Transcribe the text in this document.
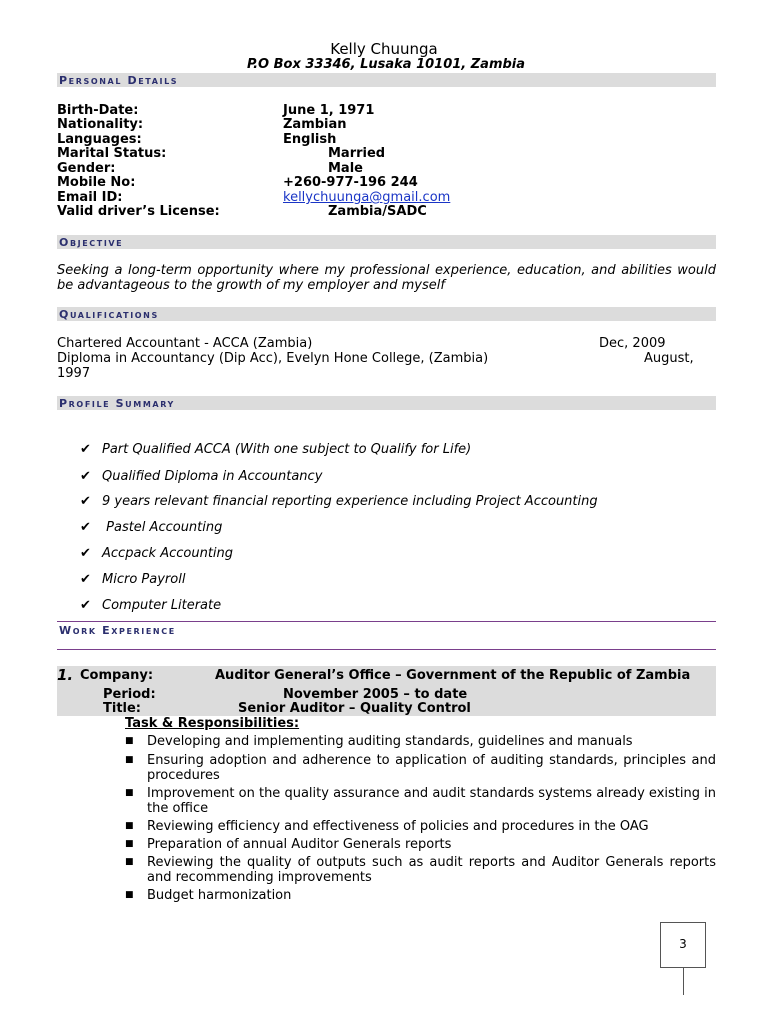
Kelly Chuunga
P.O Box 33346, Lusaka 10101, Zambia
Personal Details
Birth-Date:	June 1, 1971
Nationality:	Zambian
Languages:	English
Marital Status:	Married
Gender:	Male
Mobile No:	+260-977-196 244
Email ID:	kellychuunga@gmail.com
Valid driver’s License:	Zambia/SADC
Objective
Seeking a long-term opportunity where my professional experience, education, and abilities would be advantageous to the growth of my employer and myself
Qualifications
Chartered Accountant - ACCA (Zambia)	Dec, 2009
Diploma in Accountancy (Dip Acc), Evelyn Hone College, (Zambia)	August,
1997
Profile Summary
✔ Part Qualified ACCA (With one subject to Qualify for Life)
✔ Qualified Diploma in Accountancy
✔ 9 years relevant financial reporting experience including Project Accounting
✔ Pastel Accounting
✔ Accpack Accounting
✔ Micro Payroll
✔ Computer Literate
Work Experience
1. Company:	Auditor General’s Office – Government of the Republic of Zambia
Period:	November 2005 – to date
Title:	Senior Auditor – Quality Control
Task & Responsibilities:
■	Developing and implementing auditing standards, guidelines and manuals
■	Ensuring adoption and adherence to application of auditing standards, principles and procedures
■	Improvement on the quality assurance and audit standards systems already existing in the office
■	Reviewing efficiency and effectiveness of policies and procedures in the OAG
■	Preparation of annual Auditor Generals reports
■	Reviewing the quality of outputs such as audit reports and Auditor Generals reports and recommending improvements
■	Budget harmonization
3
